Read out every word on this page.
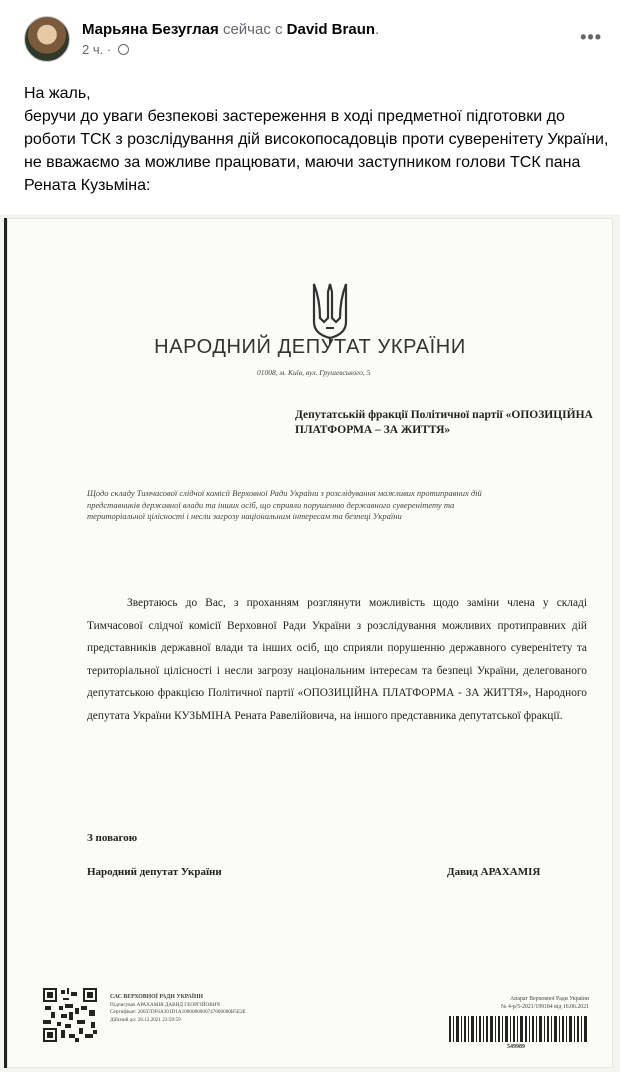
Марьяна Безуглая сейчас с David Braun.
2 ч. ·
•••

На жаль,

беручи до уваги безпекові застереження в ході предметної підготовки до роботи ТСК з розслідування дій високопосадовців проти суверенітету України, не вважаємо за можливе працювати, маючи заступником голови ТСК пана Рената Кузьміна:

НАРОДНИЙ ДЕПУТАТ УКРАЇНИ
01008, м. Київ, вул. Грушевського, 5
Депутатській фракції Політичної партії «ОПОЗИЦІЙНА ПЛАТФОРМА – ЗА ЖИТТЯ»
Щодо складу Тимчасової слідчої комісії Верховної Ради України з розслідування можливих протиправних дій представників державної влади та інших осіб, що сприяли порушенню державного суверенітету та територіальної цілісності і несли загрозу національним інтересам та безпеці України
Звертаюсь до Вас, з проханням розглянути можливість щодо заміни члена у складі Тимчасової слідчої комісії Верховної Ради України з розслідування можливих протиправних дій представників державної влади та інших осіб, що сприяли порушенню державного суверенітету та територіальної цілісності і несли загрозу національним інтересам та безпеці України, делегованого депутатською фракцією Політичної партії «ОПОЗИЦІЙНА ПЛАТФОРМА - ЗА ЖИТТЯ», Народного депутата України КУЗЬМІНА Рената Равелійовича, на іншого представника депутатської фракції.
З повагою
Народний депутат України	Давид АРАХАМІЯ
САС ВЕРХОВНОЇ РАДИ УКРАЇНИ
Підписувач АРАХАМІЯ ДАВИД ГЕОРГІЙОВИЧ
Сертифікат: 20037DF6A301D1A1000000000747000000B5E2E
Дійсний до: 28.12.2021 23:59:59
Апарат Верховної Ради України
№ 4-р/5-2021/199184 від 16.06.2021
549989
